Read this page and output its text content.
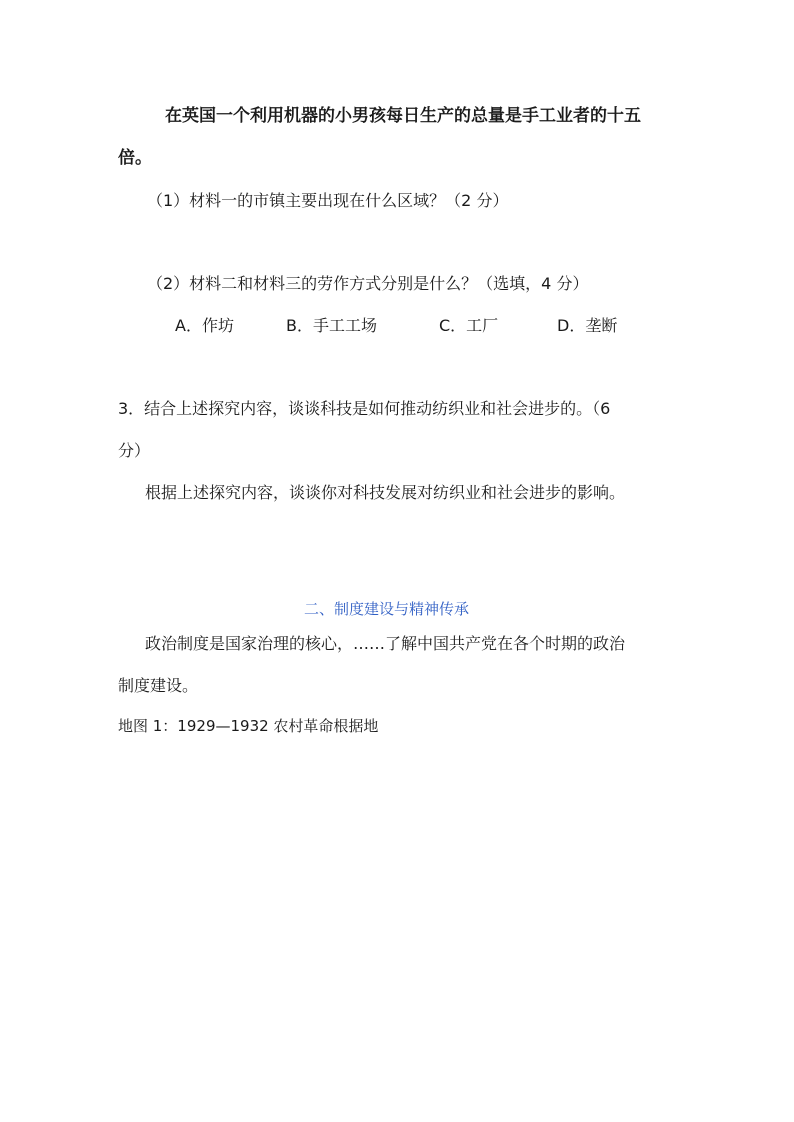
在英国一个利用机器的小男孩每日生产的总量是手工业者的十五
倍。
（1）材料一的市镇主要出现在什么区域？（2 分）
（2）材料二和材料三的劳作方式分别是什么？（选填，4 分）
A．作坊	B．手工工场	C．工厂	D．垄断
3．结合上述探究内容，谈谈科技是如何推动纺织业和社会进步的。（6
分）
根据上述探究内容，谈谈你对科技发展对纺织业和社会进步的影响。
二、制度建设与精神传承
政治制度是国家治理的核心，……了解中国共产党在各个时期的政治
制度建设。
地图 1：1929—1932 农村革命根据地
